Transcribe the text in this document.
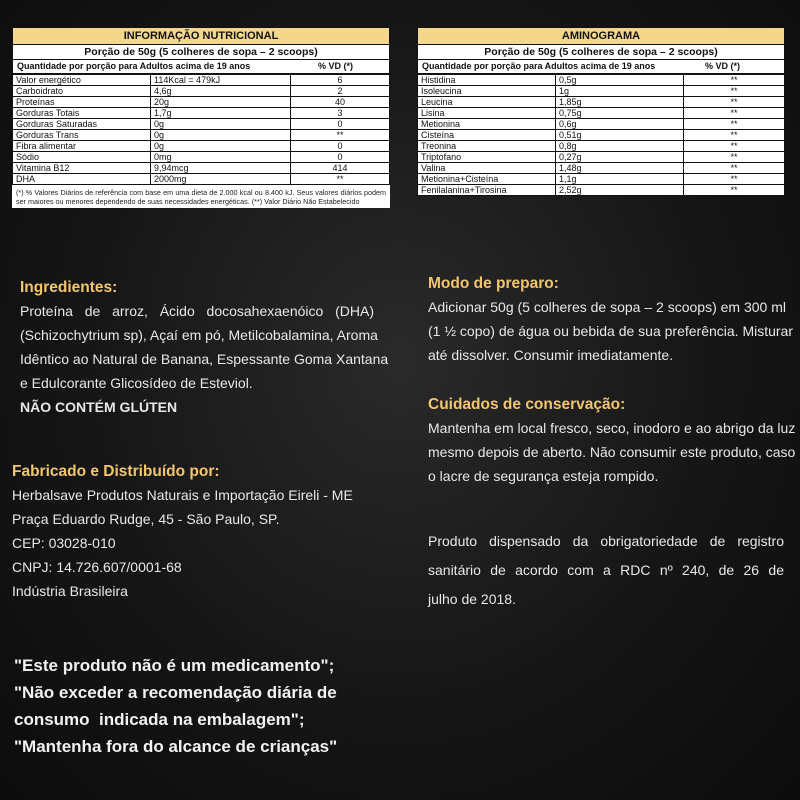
INFORMAÇÃO NUTRICIONAL
Porção de 50g (5 colheres de sopa – 2 scoops)
Quantidade por porção para Adultos acima de 19 anos	% VD (*)
Valor energético	114Kcal = 479kJ	6
Carboidrato	4,6g	2
Proteínas	20g	40
Gorduras Totais	1,7g	3
Gorduras Saturadas	0g	0
Gorduras Trans	0g	**
Fibra alimentar	0g	0
Sódio	0mg	0
Vitamina B12	9,94mcg	414
DHA	2000mg	**
(*) % Valores Diários de referência com base em uma dieta de 2.000 kcal ou 8.400 kJ. Seus valores diários podem ser maiores ou menores dependendo de suas necessidades energéticas. (**) Valor Diário Não Estabelecido
AMINOGRAMA
Porção de 50g (5 colheres de sopa – 2 scoops)
Quantidade por porção para Adultos acima de 19 anos	% VD (*)
Histidina	0,5g	**
Isoleucina	1g	**
Leucina	1,85g	**
Lisina	0,75g	**
Metionina	0,6g	**
Cisteína	0,51g	**
Treonina	0,8g	**
Triptofano	0,27g	**
Valina	1,48g	**
Metionina+Cisteína	1,1g	**
Fenilalanina+Tirosina	2,52g	**
Ingredientes:
Proteína de arroz, Ácido docosahexaenóico (DHA)
(Schizochytrium sp), Açaí em pó, Metilcobalamina, Aroma
Idêntico ao Natural de Banana, Espessante Goma Xantana
e Edulcorante Glicosídeo de Esteviol.
NÃO CONTÉM GLÚTEN
Fabricado e Distribuído por:
Herbalsave Produtos Naturais e Importação Eireli - ME
Praça Eduardo Rudge, 45 - São Paulo, SP.
CEP: 03028-010
CNPJ: 14.726.607/0001-68
Indústria Brasileira
Modo de preparo:
Adicionar 50g (5 colheres de sopa – 2 scoops) em 300 ml
(1 ½ copo) de água ou bebida de sua preferência. Misturar
até dissolver. Consumir imediatamente.
Cuidados de conservação:
Mantenha em local fresco, seco, inodoro e ao abrigo da luz
mesmo depois de aberto. Não consumir este produto, caso
o lacre de segurança esteja rompido.
Produto dispensado da obrigatoriedade de registro
sanitário de acordo com a RDC nº 240, de 26 de
julho de 2018.
"Este produto não é um medicamento";
"Não exceder a recomendação diária de
consumo  indicada na embalagem";
"Mantenha fora do alcance de crianças"
